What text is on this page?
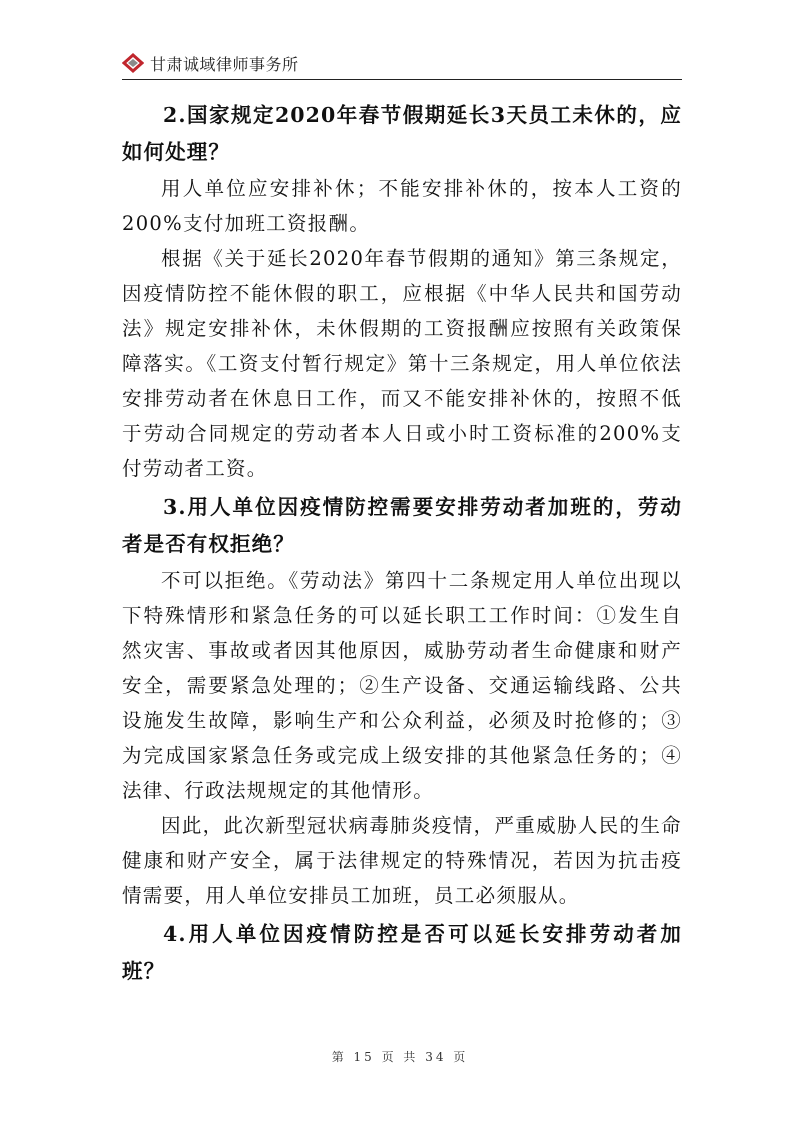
甘肃诚域律师事务所

2.国家规定2020年春节假期延长3天员工未休的，应如何处理？

用人单位应安排补休；不能安排补休的，按本人工资的200%支付加班工资报酬。

根据《关于延长2020年春节假期的通知》第三条规定，因疫情防控不能休假的职工，应根据《中华人民共和国劳动法》规定安排补休，未休假期的工资报酬应按照有关政策保障落实。《工资支付暂行规定》第十三条规定，用人单位依法安排劳动者在休息日工作，而又不能安排补休的，按照不低于劳动合同规定的劳动者本人日或小时工资标准的200%支付劳动者工资。

3.用人单位因疫情防控需要安排劳动者加班的，劳动者是否有权拒绝？

不可以拒绝。《劳动法》第四十二条规定用人单位出现以下特殊情形和紧急任务的可以延长职工工作时间：①发生自然灾害、事故或者因其他原因，威胁劳动者生命健康和财产安全，需要紧急处理的；②生产设备、交通运输线路、公共设施发生故障，影响生产和公众利益，必须及时抢修的；③为完成国家紧急任务或完成上级安排的其他紧急任务的；④法律、行政法规规定的其他情形。

因此，此次新型冠状病毒肺炎疫情，严重威胁人民的生命健康和财产安全，属于法律规定的特殊情况，若因为抗击疫情需要，用人单位安排员工加班，员工必须服从。

4.用人单位因疫情防控是否可以延长安排劳动者加班？

第 15 页 共 34 页
